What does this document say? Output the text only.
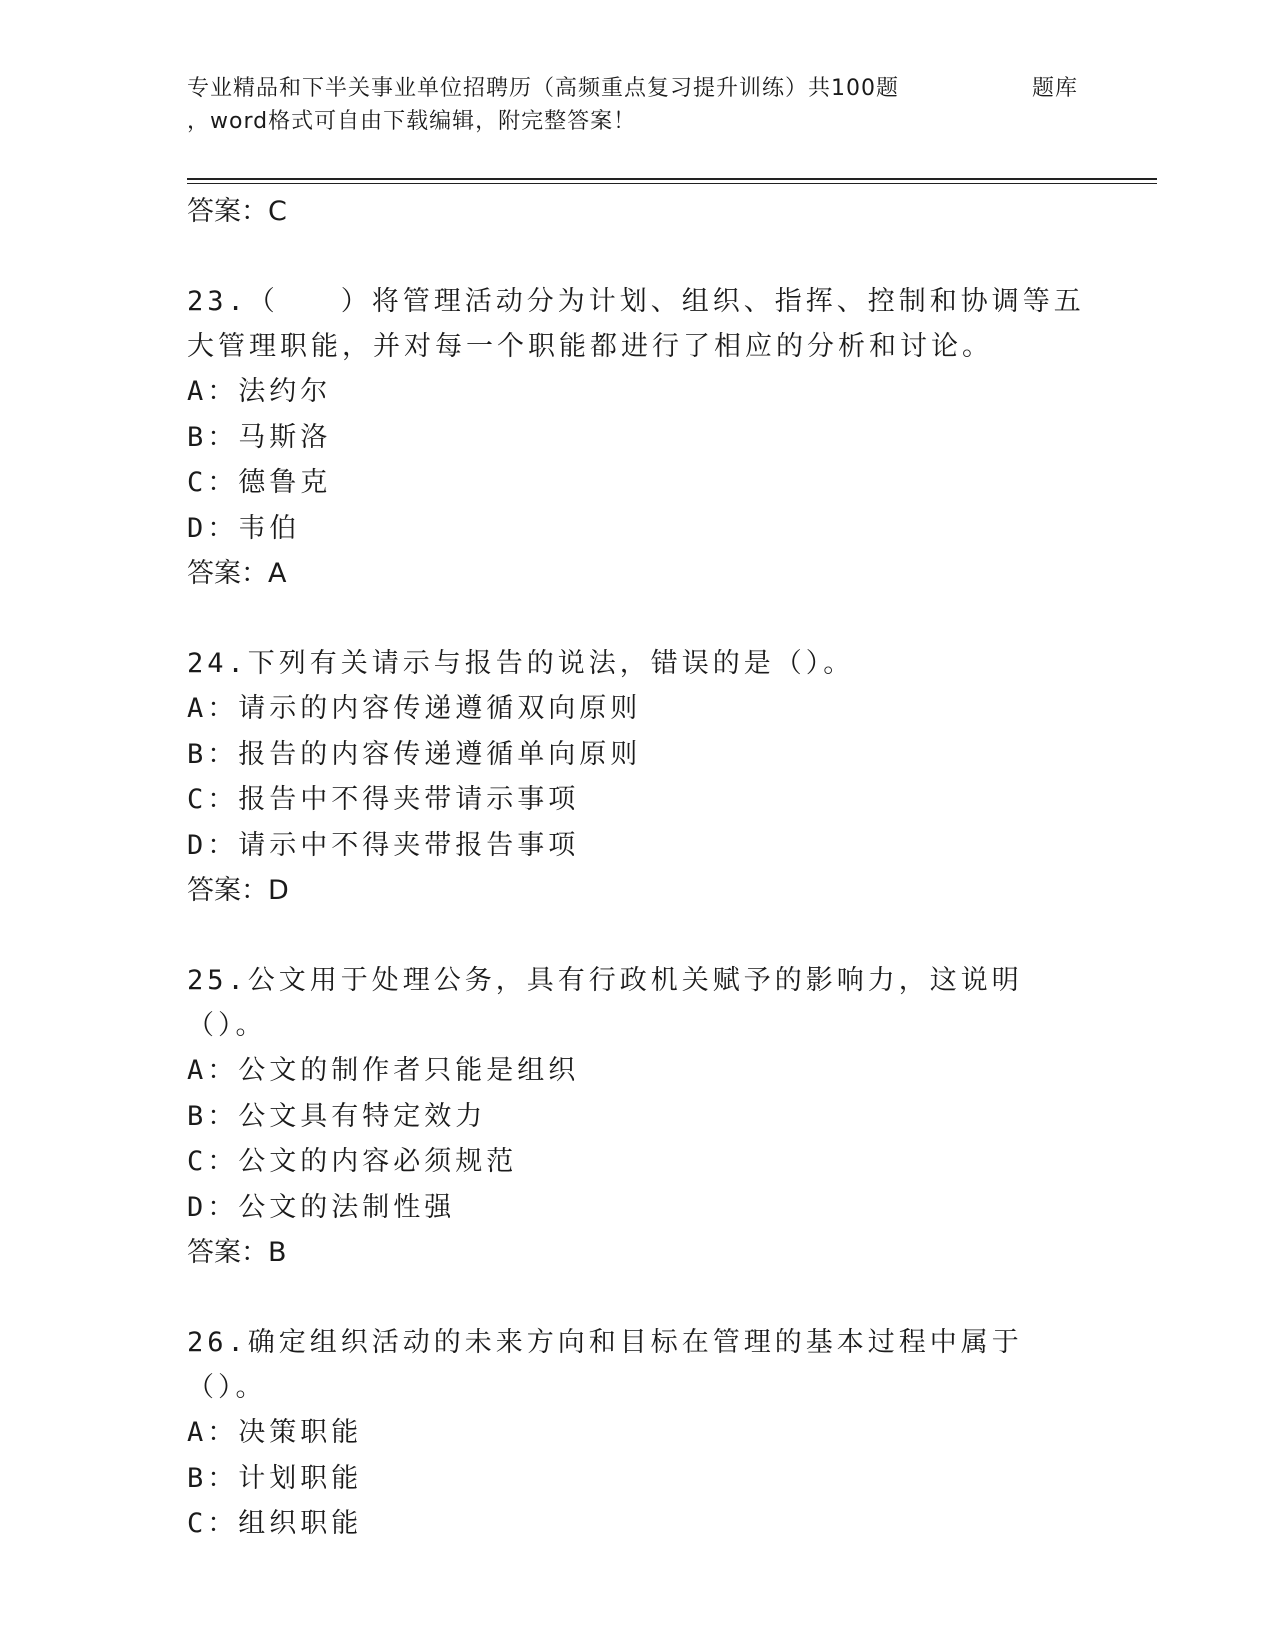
专业精品和下半关事业单位招聘历（高频重点复习提升训练）共100题	题库
，word格式可自由下载编辑，附完整答案！
答案：C
23.（　　）将管理活动分为计划、组织、指挥、控制和协调等五大管理职能，并对每一个职能都进行了相应的分析和讨论。
A：法约尔
B：马斯洛
C：德鲁克
D：韦伯
答案：A
24.下列有关请示与报告的说法，错误的是（）。
A：请示的内容传递遵循双向原则
B：报告的内容传递遵循单向原则
C：报告中不得夹带请示事项
D：请示中不得夹带报告事项
答案：D
25.公文用于处理公务，具有行政机关赋予的影响力，这说明（）。
A：公文的制作者只能是组织
B：公文具有特定效力
C：公文的内容必须规范
D：公文的法制性强
答案：B
26.确定组织活动的未来方向和目标在管理的基本过程中属于（）。
A：决策职能
B：计划职能
C：组织职能
